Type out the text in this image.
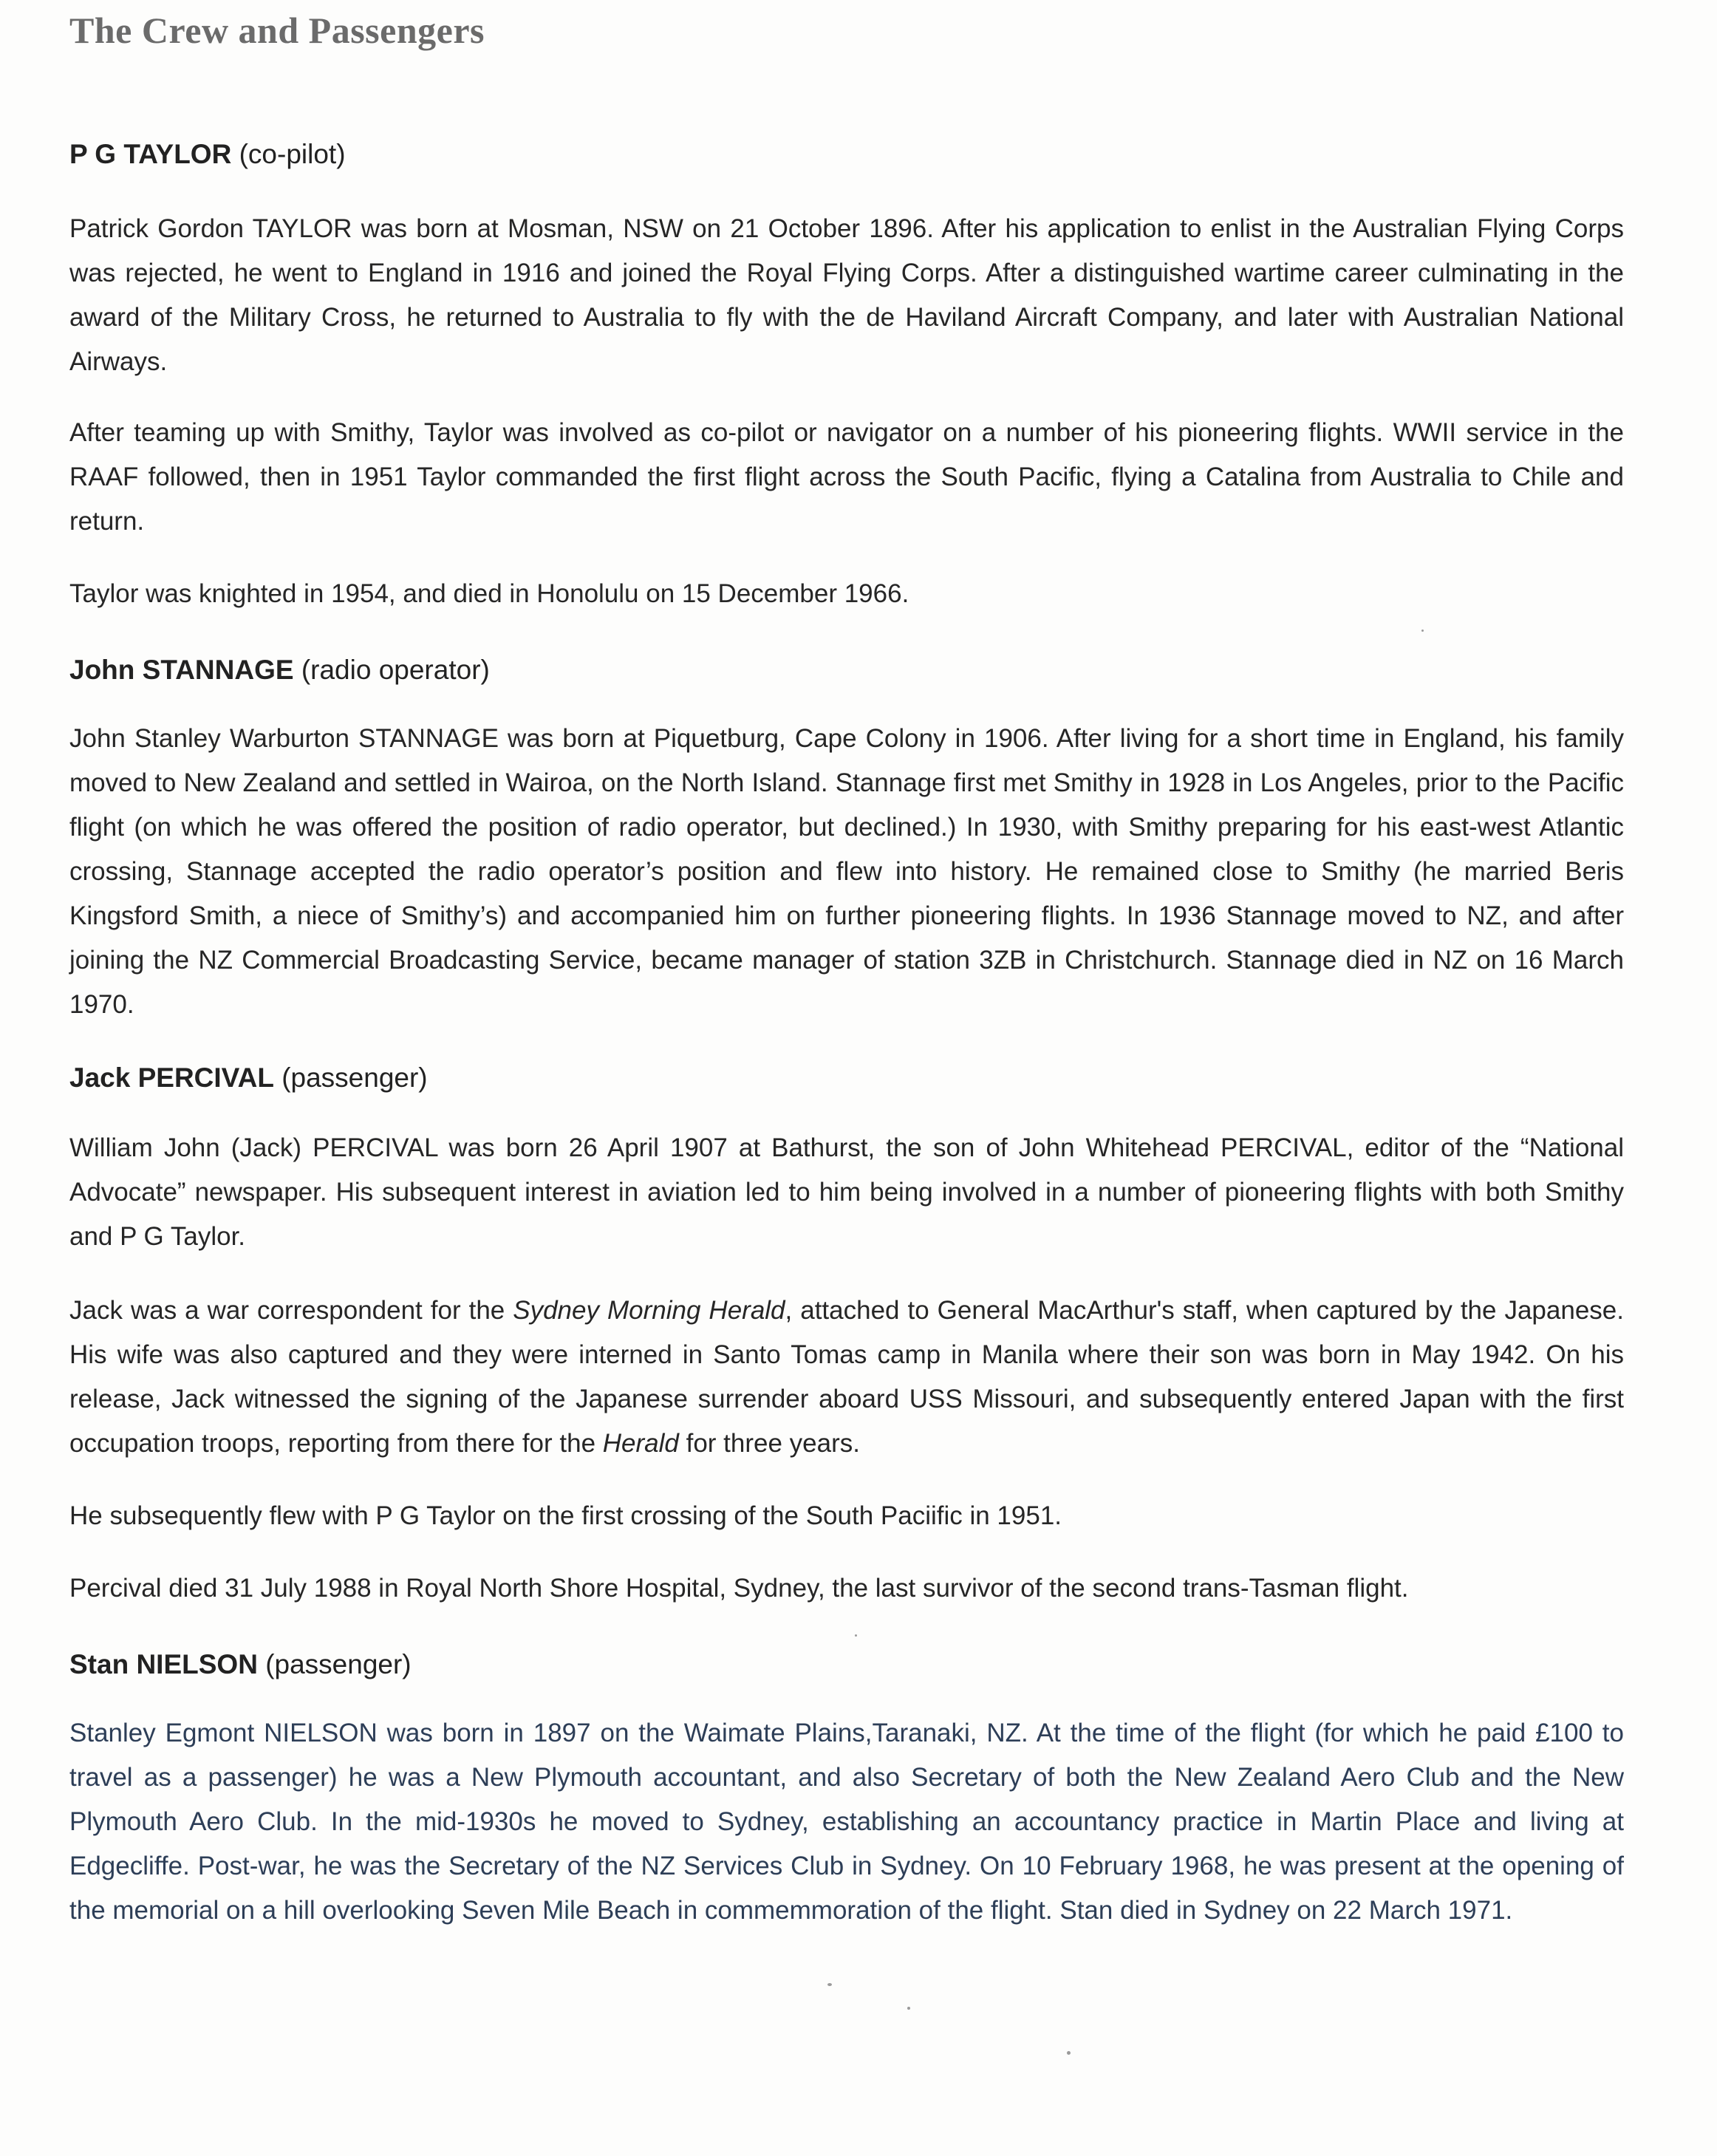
The Crew and Passengers
P G TAYLOR (co-pilot)

Patrick Gordon TAYLOR was born at Mosman, NSW on 21 October 1896. After his application to enlist in the Australian Flying Corps was rejected, he went to England in 1916 and joined the Royal Flying Corps. After a distinguished wartime career culminating in the award of the Military Cross, he returned to Australia to fly with the de Haviland Aircraft Company, and later with Australian National Airways.

After teaming up with Smithy, Taylor was involved as co-pilot or navigator on a number of his pioneering flights. WWII service in the RAAF followed, then in 1951 Taylor commanded the first flight across the South Pacific, flying a Catalina from Australia to Chile and return.

Taylor was knighted in 1954, and died in Honolulu on 15 December 1966.

John STANNAGE (radio operator)

John Stanley Warburton STANNAGE was born at Piquetburg, Cape Colony in 1906. After living for a short time in England, his family moved to New Zealand and settled in Wairoa, on the North Island. Stannage first met Smithy in 1928 in Los Angeles, prior to the Pacific flight (on which he was offered the position of radio operator, but declined.) In 1930, with Smithy preparing for his east-west Atlantic crossing, Stannage accepted the radio operator’s position and flew into history. He remained close to Smithy (he married Beris Kingsford Smith, a niece of Smithy’s) and accompanied him on further pioneering flights. In 1936 Stannage moved to NZ, and after joining the NZ Commercial Broadcasting Service, became manager of station 3ZB in Christchurch. Stannage died in NZ on 16 March 1970.

Jack PERCIVAL (passenger)

William John (Jack) PERCIVAL was born 26 April 1907 at Bathurst, the son of John Whitehead PERCIVAL, editor of the “National Advocate” newspaper. His subsequent interest in aviation led to him being involved in a number of pioneering flights with both Smithy and P G Taylor.

Jack was a war correspondent for the Sydney Morning Herald, attached to General MacArthur's staff, when captured by the Japanese. His wife was also captured and they were interned in Santo Tomas camp in Manila where their son was born in May 1942. On his release, Jack witnessed the signing of the Japanese surrender aboard USS Missouri, and subsequently entered Japan with the first occupation troops, reporting from there for the Herald for three years.

He subsequently flew with P G Taylor on the first crossing of the South Paciific in 1951.

Percival died 31 July 1988 in Royal North Shore Hospital, Sydney, the last survivor of the second trans-Tasman flight.

Stan NIELSON (passenger)

Stanley Egmont NIELSON was born in 1897 on the Waimate Plains,Taranaki, NZ. At the time of the flight (for which he paid £100 to travel as a passenger) he was a New Plymouth accountant, and also Secretary of both the New Zealand Aero Club and the New Plymouth Aero Club. In the mid-1930s he moved to Sydney, establishing an accountancy practice in Martin Place and living at Edgecliffe. Post-war, he was the Secretary of the NZ Services Club in Sydney. On 10 February 1968, he was present at the opening of the memorial on a hill overlooking Seven Mile Beach in commemmoration of the flight. Stan died in Sydney on 22 March 1971.
